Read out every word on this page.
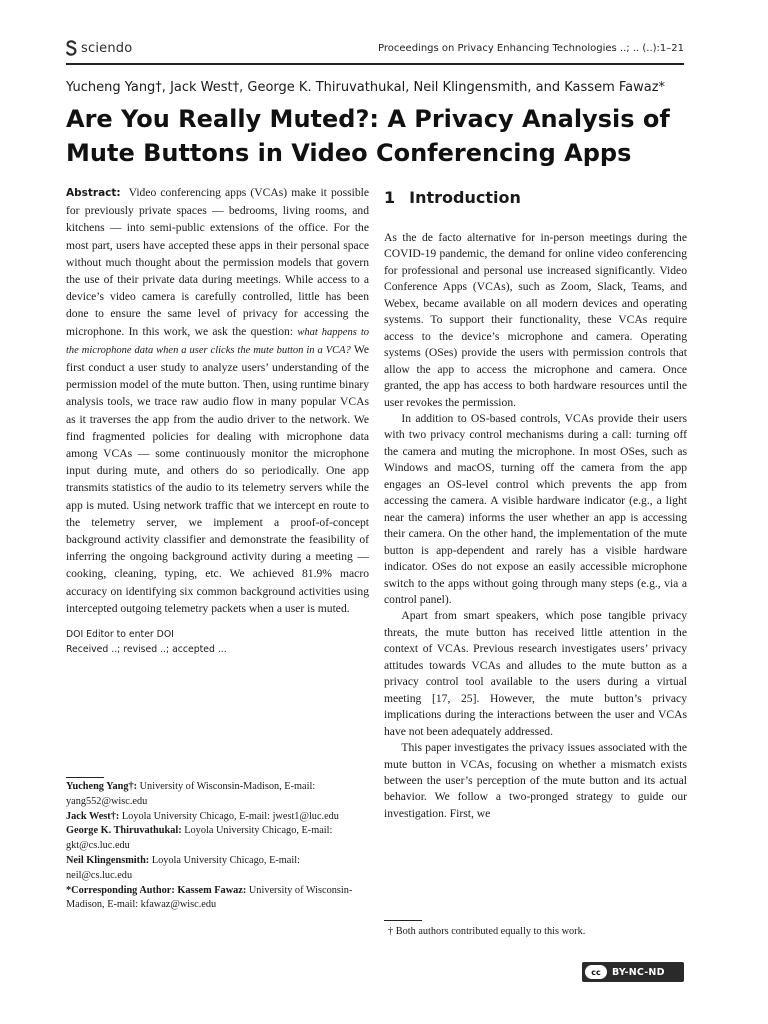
sciendo	Proceedings on Privacy Enhancing Technologies ..; .. (..):1–21
Yucheng Yang†, Jack West†, George K. Thiruvathukal, Neil Klingensmith, and Kassem Fawaz*
Are You Really Muted?: A Privacy Analysis of Mute Buttons in Video Conferencing Apps

Abstract: Video conferencing apps (VCAs) make it possible for previously private spaces — bedrooms, living rooms, and kitchens — into semi-public extensions of the office. For the most part, users have accepted these apps in their personal space without much thought about the permission models that govern the use of their private data during meetings. While access to a device’s video camera is carefully controlled, little has been done to ensure the same level of privacy for accessing the microphone. In this work, we ask the question: what happens to the microphone data when a user clicks the mute button in a VCA? We first conduct a user study to analyze users’ understanding of the permission model of the mute button. Then, using runtime binary analysis tools, we trace raw audio flow in many popular VCAs as it traverses the app from the audio driver to the network. We find fragmented policies for dealing with microphone data among VCAs — some continuously monitor the microphone input during mute, and others do so periodically. One app transmits statistics of the audio to its telemetry servers while the app is muted. Using network traffic that we intercept en route to the telemetry server, we implement a proof-of-concept background activity classifier and demonstrate the feasibility of inferring the ongoing background activity during a meeting — cooking, cleaning, typing, etc. We achieved 81.9% macro accuracy on identifying six common background activities using intercepted outgoing telemetry packets when a user is muted.

DOI Editor to enter DOI
Received ..; revised ..; accepted ...

Yucheng Yang†: University of Wisconsin-Madison, E-mail: yang552@wisc.edu

Jack West†: Loyola University Chicago, E-mail: jwest1@luc.edu

George K. Thiruvathukal: Loyola University Chicago, E-mail: gkt@cs.luc.edu

Neil Klingensmith: Loyola University Chicago, E-mail: neil@cs.luc.edu

*Corresponding Author: Kassem Fawaz: University of Wisconsin-Madison, E-mail: kfawaz@wisc.edu

1 Introduction

As the de facto alternative for in-person meetings during the COVID-19 pandemic, the demand for online video conferencing for professional and personal use increased significantly. Video Conference Apps (VCAs), such as Zoom, Slack, Teams, and Webex, became available on all modern devices and operating systems. To support their functionality, these VCAs require access to the device’s microphone and camera. Operating systems (OSes) provide the users with permission controls that allow the app to access the microphone and camera. Once granted, the app has access to both hardware resources until the user revokes the permission.

In addition to OS-based controls, VCAs provide their users with two privacy control mechanisms during a call: turning off the camera and muting the microphone. In most OSes, such as Windows and macOS, turning off the camera from the app engages an OS-level control which prevents the app from accessing the camera. A visible hardware indicator (e.g., a light near the camera) informs the user whether an app is accessing their camera. On the other hand, the implementation of the mute button is app-dependent and rarely has a visible hardware indicator. OSes do not expose an easily accessible microphone switch to the apps without going through many steps (e.g., via a control panel).

Apart from smart speakers, which pose tangible privacy threats, the mute button has received little attention in the context of VCAs. Previous research investigates users’ privacy attitudes towards VCAs and alludes to the mute button as a privacy control tool available to the users during a virtual meeting [17, 25]. However, the mute button’s privacy implications during the interactions between the user and VCAs have not been adequately addressed.

This paper investigates the privacy issues associated with the mute button in VCAs, focusing on whether a mismatch exists between the user’s perception of the mute button and its actual behavior. We follow a two-pronged strategy to guide our investigation. First, we

† Both authors contributed equally to this work.
cc	BY-NC-ND
